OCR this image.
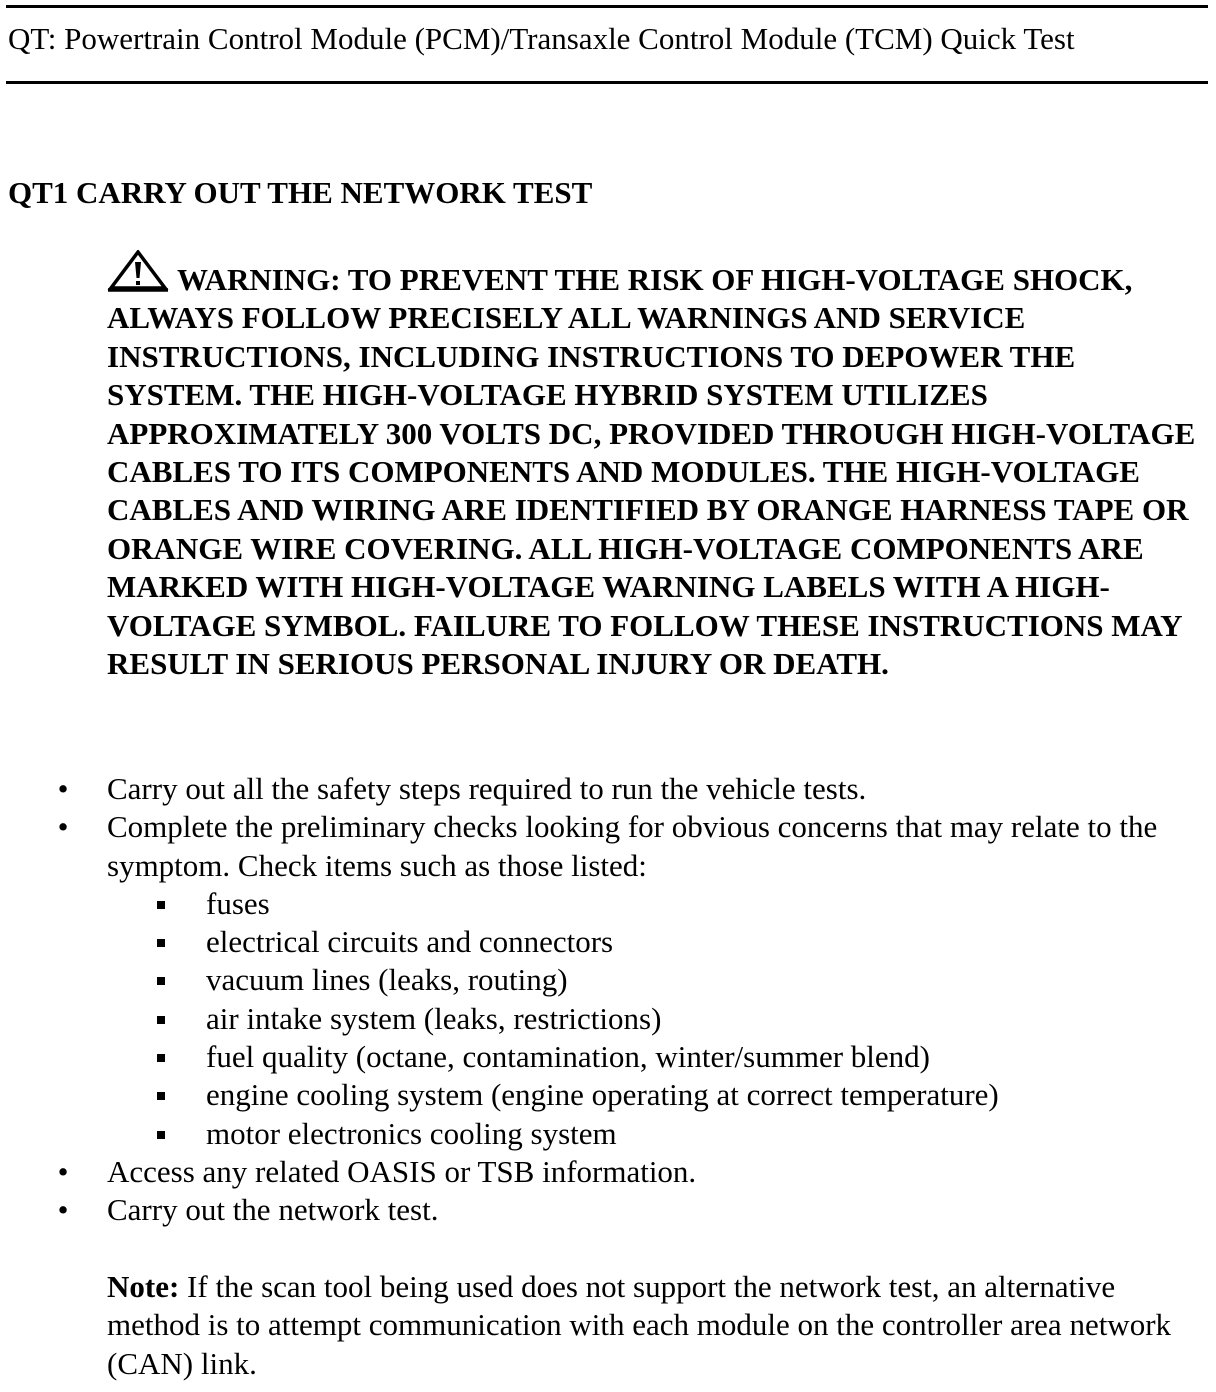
QT: Powertrain Control Module (PCM)/Transaxle Control Module (TCM) Quick Test
QT1 CARRY OUT THE NETWORK TEST
WARNING: TO PREVENT THE RISK OF HIGH-VOLTAGE SHOCK, ALWAYS FOLLOW PRECISELY ALL WARNINGS AND SERVICE INSTRUCTIONS, INCLUDING INSTRUCTIONS TO DEPOWER THE SYSTEM. THE HIGH-VOLTAGE HYBRID SYSTEM UTILIZES APPROXIMATELY 300 VOLTS DC, PROVIDED THROUGH HIGH-VOLTAGE CABLES TO ITS COMPONENTS AND MODULES. THE HIGH-VOLTAGE CABLES AND WIRING ARE IDENTIFIED BY ORANGE HARNESS TAPE OR ORANGE WIRE COVERING. ALL HIGH-VOLTAGE COMPONENTS ARE MARKED WITH HIGH-VOLTAGE WARNING LABELS WITH A HIGH-VOLTAGE SYMBOL. FAILURE TO FOLLOW THESE INSTRUCTIONS MAY RESULT IN SERIOUS PERSONAL INJURY OR DEATH.
• Carry out all the safety steps required to run the vehicle tests.
• Complete the preliminary checks looking for obvious concerns that may relate to the symptom. Check items such as those listed:
fuses
electrical circuits and connectors
vacuum lines (leaks, routing)
air intake system (leaks, restrictions)
fuel quality (octane, contamination, winter/summer blend)
engine cooling system (engine operating at correct temperature)
motor electronics cooling system
• Access any related OASIS or TSB information.
• Carry out the network test.
Note: If the scan tool being used does not support the network test, an alternative method is to attempt communication with each module on the controller area network (CAN) link.
